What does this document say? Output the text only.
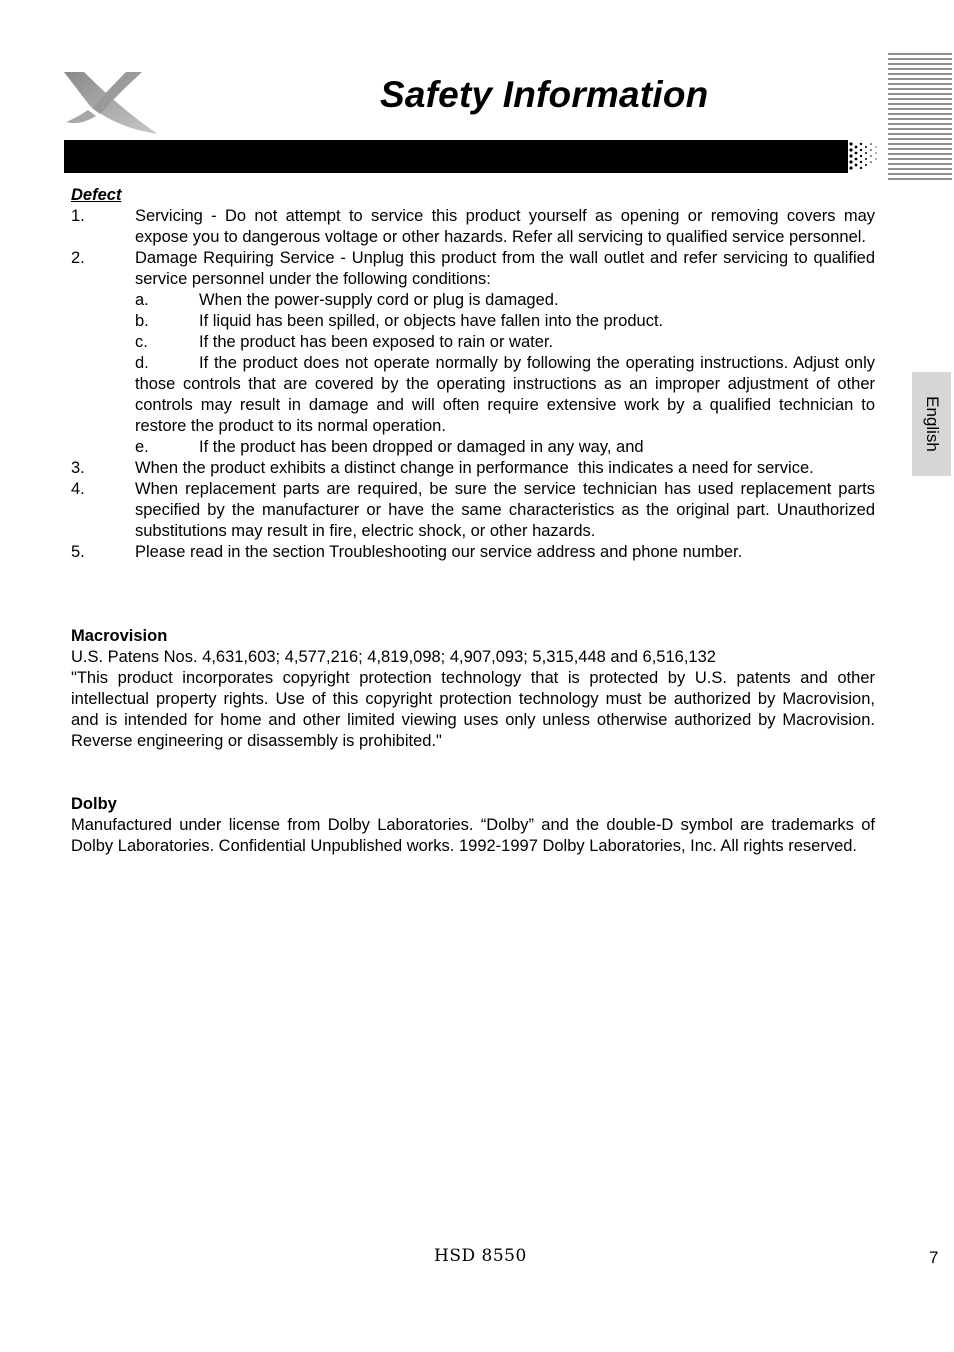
Safety Information
English

Defect

1.	Servicing - Do not attempt to service this product yourself as opening or removing covers may expose you to dangerous voltage or other hazards. Refer all servicing to qualified service personnel.
2.	Damage Requiring Service - Unplug this product from the wall outlet and refer servicing to qualified service personnel under the following conditions:
a.	When the power-supply cord or plug is damaged.
b.	If liquid has been spilled, or objects have fallen into the product.
c.	If the product has been exposed to rain or water.
d.	If the product does not operate normally by following the operating instructions. Adjust only those controls that are covered by the operating instructions as an improper adjustment of other controls may result in damage and will often require extensive work by a qualified technician to restore the product to its normal operation.
e.	If the product has been dropped or damaged in any way, and
3.	When the product exhibits a distinct change in performance  this indicates a need for service.
4.	When replacement parts are required, be sure the service technician has used replacement parts specified by the manufacturer or have the same characteristics as the original part. Unauthorized substitutions may result in fire, electric shock, or other hazards.
5.	Please read in the section Troubleshooting our service address and phone number.

Macrovision

U.S. Patens Nos. 4,631,603; 4,577,216; 4,819,098; 4,907,093; 5,315,448 and 6,516,132

"This product incorporates copyright protection technology that is protected by U.S. patents and other intellectual property rights. Use of this copyright protection technology must be authorized by Macrovision, and is intended for home and other limited viewing uses only unless otherwise authorized by Macrovision. Reverse engineering or disassembly is prohibited."

Dolby

Manufactured under license from Dolby Laboratories. “Dolby” and the double-D symbol are trademarks of Dolby Laboratories. Confidential Unpublished works. 1992-1997 Dolby Laboratories, Inc. All rights reserved.

HSD 8550	7
